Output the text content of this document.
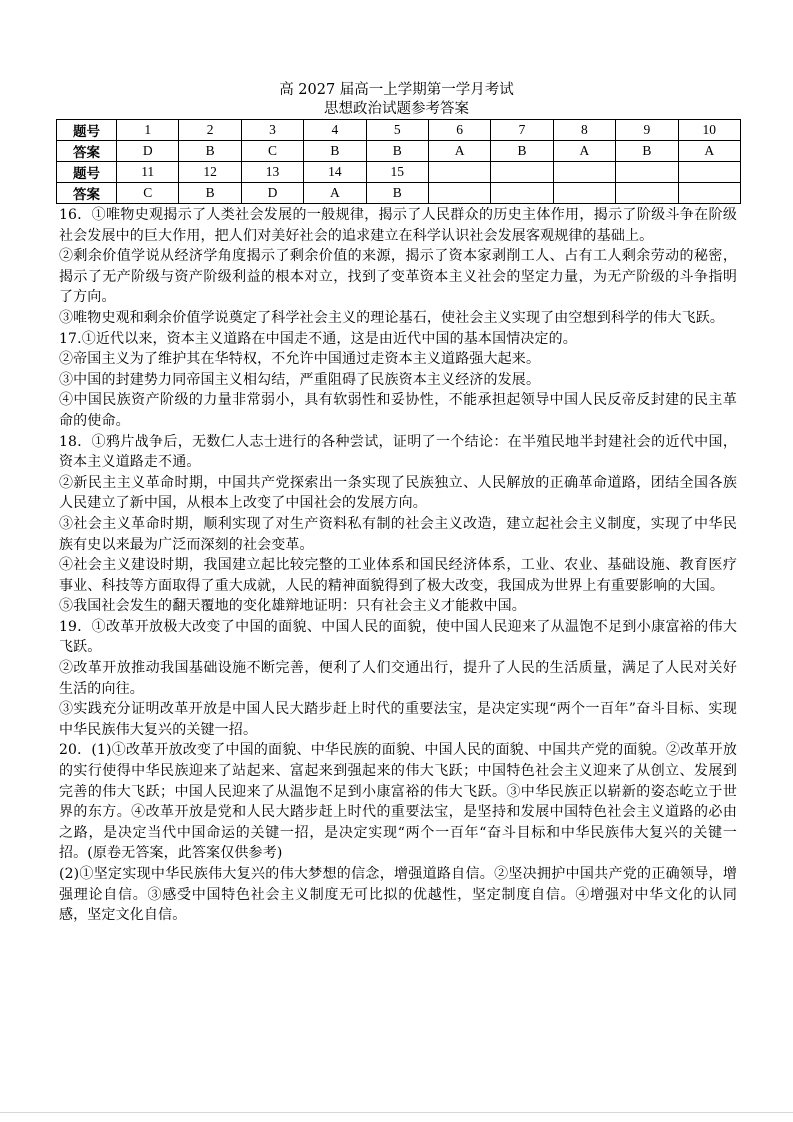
高 2027 届高一上学期第一学月考试
思想政治试题参考答案
题号	1	2	3	4	5	6	7	8	9	10
答案	D	B	C	B	B	A	B	A	B	A
题号	11	12	13	14	15					
答案	C	B	D	A	B					

16．①唯物史观揭示了人类社会发展的一般规律，揭示了人民群众的历史主体作用，揭示了阶级斗争在阶级社会发展中的巨大作用，把人们对美好社会的追求建立在科学认识社会发展客观规律的基础上。

②剩余价值学说从经济学角度揭示了剩余价值的来源，揭示了资本家剥削工人、占有工人剩余劳动的秘密，揭示了无产阶级与资产阶级利益的根本对立，找到了变革资本主义社会的坚定力量，为无产阶级的斗争指明了方向。

③唯物史观和剩余价值学说奠定了科学社会主义的理论基石，使社会主义实现了由空想到科学的伟大飞跃。

17.①近代以来，资本主义道路在中国走不通，这是由近代中国的基本国情决定的。

②帝国主义为了维护其在华特权，不允许中国通过走资本主义道路强大起来。

③中国的封建势力同帝国主义相勾结，严重阻碍了民族资本主义经济的发展。

④中国民族资产阶级的力量非常弱小，具有软弱性和妥协性，不能承担起领导中国人民反帝反封建的民主革命的使命。

18．①鸦片战争后，无数仁人志士进行的各种尝试，证明了一个结论：在半殖民地半封建社会的近代中国，资本主义道路走不通。

②新民主主义革命时期，中国共产党探索出一条实现了民族独立、人民解放的正确革命道路，团结全国各族人民建立了新中国，从根本上改变了中国社会的发展方向。

③社会主义革命时期，顺利实现了对生产资料私有制的社会主义改造，建立起社会主义制度，实现了中华民族有史以来最为广泛而深刻的社会变革。

④社会主义建设时期，我国建立起比较完整的工业体系和国民经济体系，工业、农业、基础设施、教育医疗事业、科技等方面取得了重大成就，人民的精神面貌得到了极大改变，我国成为世界上有重要影响的大国。

⑤我国社会发生的翻天覆地的变化雄辩地证明：只有社会主义才能救中国。

19．①改革开放极大改变了中国的面貌、中国人民的面貌，使中国人民迎来了从温饱不足到小康富裕的伟大飞跃。

②改革开放推动我国基础设施不断完善，便利了人们交通出行，提升了人民的生活质量，满足了人民对关好生活的向往。

③实践充分证明改革开放是中国人民大踏步赶上时代的重要法宝，是决定实现“两个一百年”奋斗目标、实现中华民族伟大复兴的关键一招。

20．(1)①改革开放改变了中国的面貌、中华民族的面貌、中国人民的面貌、中国共产党的面貌。②改革开放的实行使得中华民族迎来了站起来、富起来到强起来的伟大飞跃；中国特色社会主义迎来了从创立、发展到完善的伟大飞跃；中国人民迎来了从温饱不足到小康富裕的伟大飞跃。③中华民族正以崭新的姿态屹立于世界的东方。④改革开放是党和人民大踏步赶上时代的重要法宝，是坚持和发展中国特色社会主义道路的必由之路，是决定当代中国命运的关键一招，是决定实现“两个一百年“奋斗目标和中华民族伟大复兴的关键一招。(原卷无答案，此答案仅供参考)

(2)①坚定实现中华民族伟大复兴的伟大梦想的信念，增强道路自信。②坚决拥护中国共产党的正确领导，增强理论自信。③感受中国特色社会主义制度无可比拟的优越性，坚定制度自信。④增强对中华文化的认同感，坚定文化自信。
